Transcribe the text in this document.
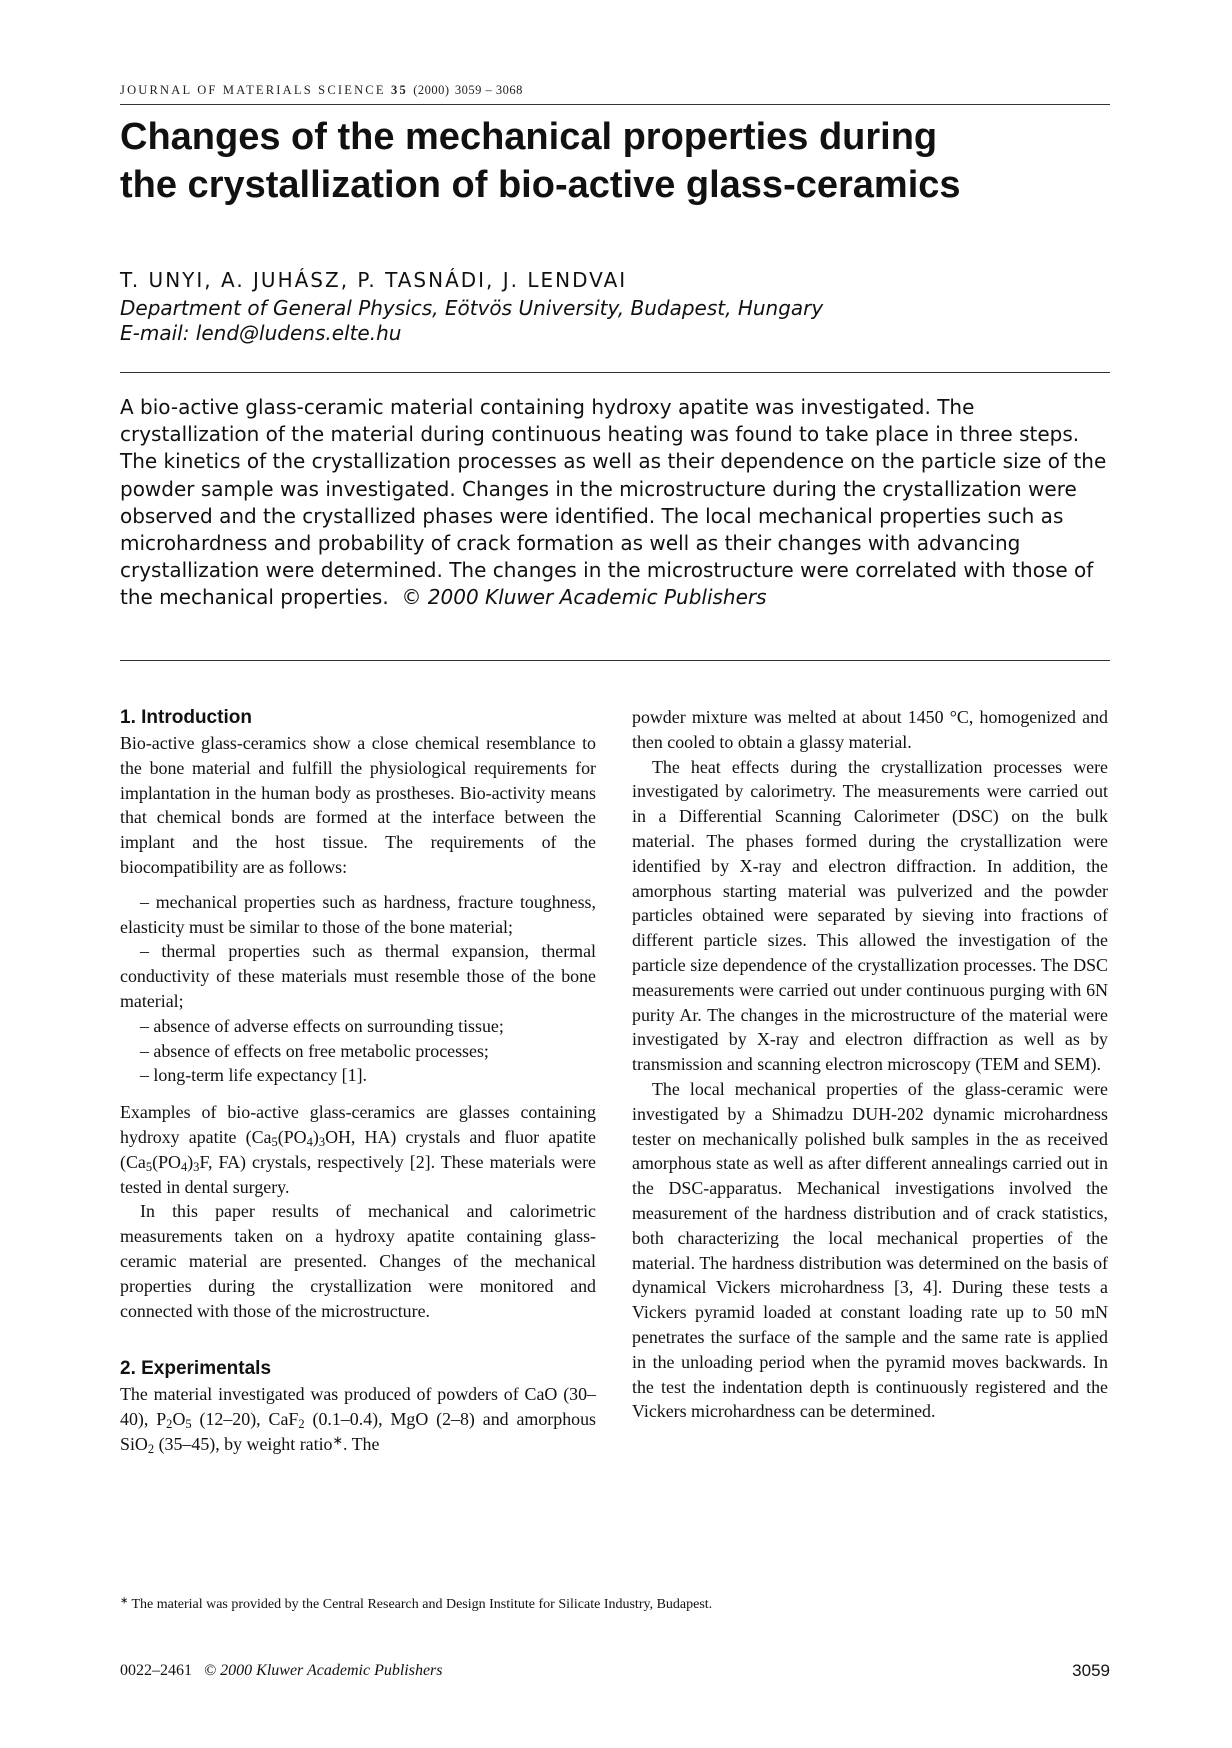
JOURNAL OF MATERIALS SCIENCE 35 (2000) 3059 – 3068
Changes of the mechanical properties during
the crystallization of bio-active glass-ceramics
T. UNYI, A. JUHÁSZ, P. TASNÁDI, J. LENDVAI
Department of General Physics, Eötvös University, Budapest, Hungary
E-mail: lend@ludens.elte.hu

A bio-active glass-ceramic material containing hydroxy apatite was investigated. The crystallization of the material during continuous heating was found to take place in three steps. The kinetics of the crystallization processes as well as their dependence on the particle size of the powder sample was investigated. Changes in the microstructure during the crystallization were observed and the crystallized phases were identified. The local mechanical properties such as microhardness and probability of crack formation as well as their changes with advancing crystallization were determined. The changes in the microstructure were correlated with those of the mechanical properties. © 2000 Kluwer Academic Publishers

1. Introduction

Bio-active glass-ceramics show a close chemical resemblance to the bone material and fulfill the physiological requirements for implantation in the human body as prostheses. Bio-activity means that chemical bonds are formed at the interface between the implant and the host tissue. The requirements of the biocompatibility are as follows:

– mechanical properties such as hardness, fracture toughness, elasticity must be similar to those of the bone material;

– thermal properties such as thermal expansion, thermal conductivity of these materials must resemble those of the bone material;

– absence of adverse effects on surrounding tissue;

– absence of effects on free metabolic processes;

– long-term life expectancy [1].

Examples of bio-active glass-ceramics are glasses containing hydroxy apatite ($Ca_5(PO_4)_3OH$, HA) crystals and fluor apatite ($Ca_5(PO_4)_3F$, FA) crystals, respectively [2]. These materials were tested in dental surgery.

In this paper results of mechanical and calorimetric measurements taken on a hydroxy apatite containing glass-ceramic material are presented. Changes of the mechanical properties during the crystallization were monitored and connected with those of the microstructure.

2. Experimentals

The material investigated was produced of powders of CaO (30–40), $P_2O_5$ (12–20), CaF$_2$ (0.1–0.4), MgO (2–8) and amorphous SiO$_2$ (35–45), by weight ratio∗. The

powder mixture was melted at about 1450 °C, homogenized and then cooled to obtain a glassy material.

The heat effects during the crystallization processes were investigated by calorimetry. The measurements were carried out in a Differential Scanning Calorimeter (DSC) on the bulk material. The phases formed during the crystallization were identified by X-ray and electron diffraction. In addition, the amorphous starting material was pulverized and the powder particles obtained were separated by sieving into fractions of different particle sizes. This allowed the investigation of the particle size dependence of the crystallization processes. The DSC measurements were carried out under continuous purging with 6N purity Ar. The changes in the microstructure of the material were investigated by X-ray and electron diffraction as well as by transmission and scanning electron microscopy (TEM and SEM).

The local mechanical properties of the glass-ceramic were investigated by a Shimadzu DUH-202 dynamic microhardness tester on mechanically polished bulk samples in the as received amorphous state as well as after different annealings carried out in the DSC-apparatus. Mechanical investigations involved the measurement of the hardness distribution and of crack statistics, both characterizing the local mechanical properties of the material. The hardness distribution was determined on the basis of dynamical Vickers microhardness [3, 4]. During these tests a Vickers pyramid loaded at constant loading rate up to 50 mN penetrates the surface of the sample and the same rate is applied in the unloading period when the pyramid moves backwards. In the test the indentation depth is continuously registered and the Vickers microhardness can be determined.

∗ The material was provided by the Central Research and Design Institute for Silicate Industry, Budapest.
0022–2461 © 2000 Kluwer Academic Publishers	3059
